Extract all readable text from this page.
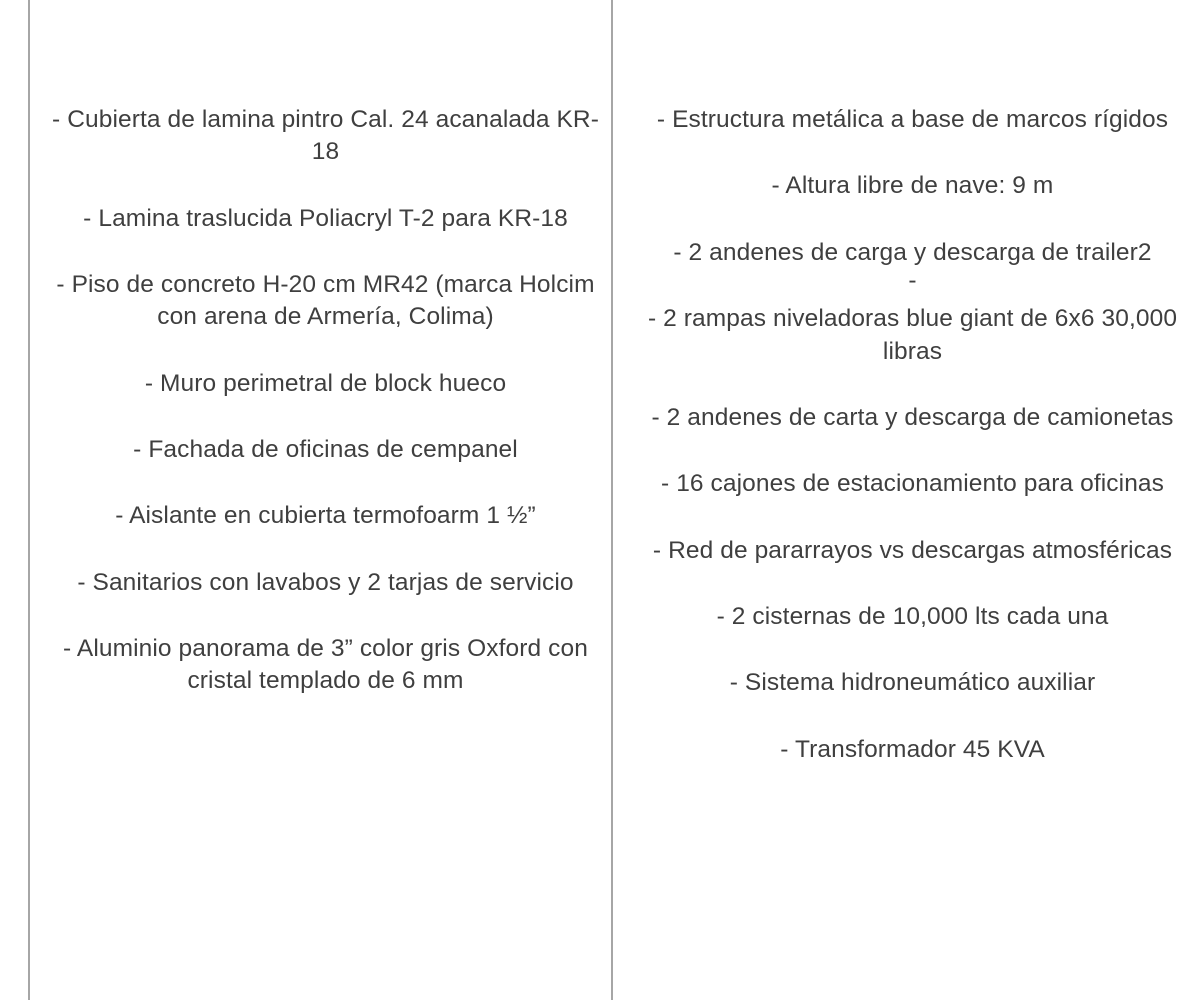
- Cubierta de lamina pintro Cal. 24 acanalada KR-18
- Lamina traslucida Poliacryl T-2 para KR-18
- Piso de concreto H-20 cm MR42 (marca Holcim con arena de Armería, Colima)
- Muro perimetral de block hueco
- Fachada de oficinas de cempanel
- Aislante en cubierta termofoarm 1 ½”
- Sanitarios con lavabos y 2 tarjas de servicio
- Aluminio panorama de 3” color gris Oxford con cristal templado de 6 mm
- Estructura metálica a base de marcos rígidos
- Altura libre de nave: 9 m
- 2 andenes de carga y descarga de trailer2
-
- 2 rampas niveladoras blue giant de 6x6 30,000 libras
- 2 andenes de carta y descarga de camionetas
- 16 cajones de estacionamiento para oficinas
- Red de pararrayos vs descargas atmosféricas
- 2 cisternas de 10,000 lts cada una
- Sistema hidroneumático auxiliar
- Transformador 45 KVA
